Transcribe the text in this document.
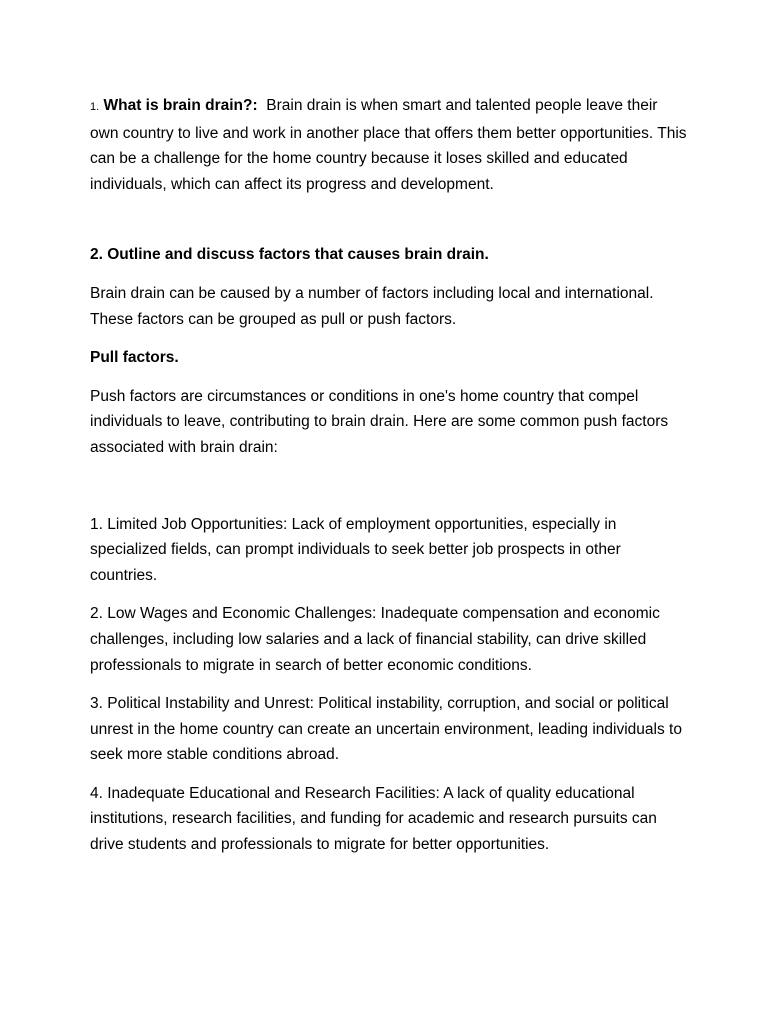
1. What is brain drain?: Brain drain is when smart and talented people leave their own country to live and work in another place that offers them better opportunities. This can be a challenge for the home country because it loses skilled and educated individuals, which can affect its progress and development.

2. Outline and discuss factors that causes brain drain.

Brain drain can be caused by a number of factors including local and international. These factors can be grouped as pull or push factors.

Pull factors.

Push factors are circumstances or conditions in one's home country that compel individuals to leave, contributing to brain drain. Here are some common push factors associated with brain drain:

1. Limited Job Opportunities: Lack of employment opportunities, especially in specialized fields, can prompt individuals to seek better job prospects in other countries.

2. Low Wages and Economic Challenges: Inadequate compensation and economic challenges, including low salaries and a lack of financial stability, can drive skilled professionals to migrate in search of better economic conditions.

3. Political Instability and Unrest: Political instability, corruption, and social or political unrest in the home country can create an uncertain environment, leading individuals to seek more stable conditions abroad.

4. Inadequate Educational and Research Facilities: A lack of quality educational institutions, research facilities, and funding for academic and research pursuits can drive students and professionals to migrate for better opportunities.
